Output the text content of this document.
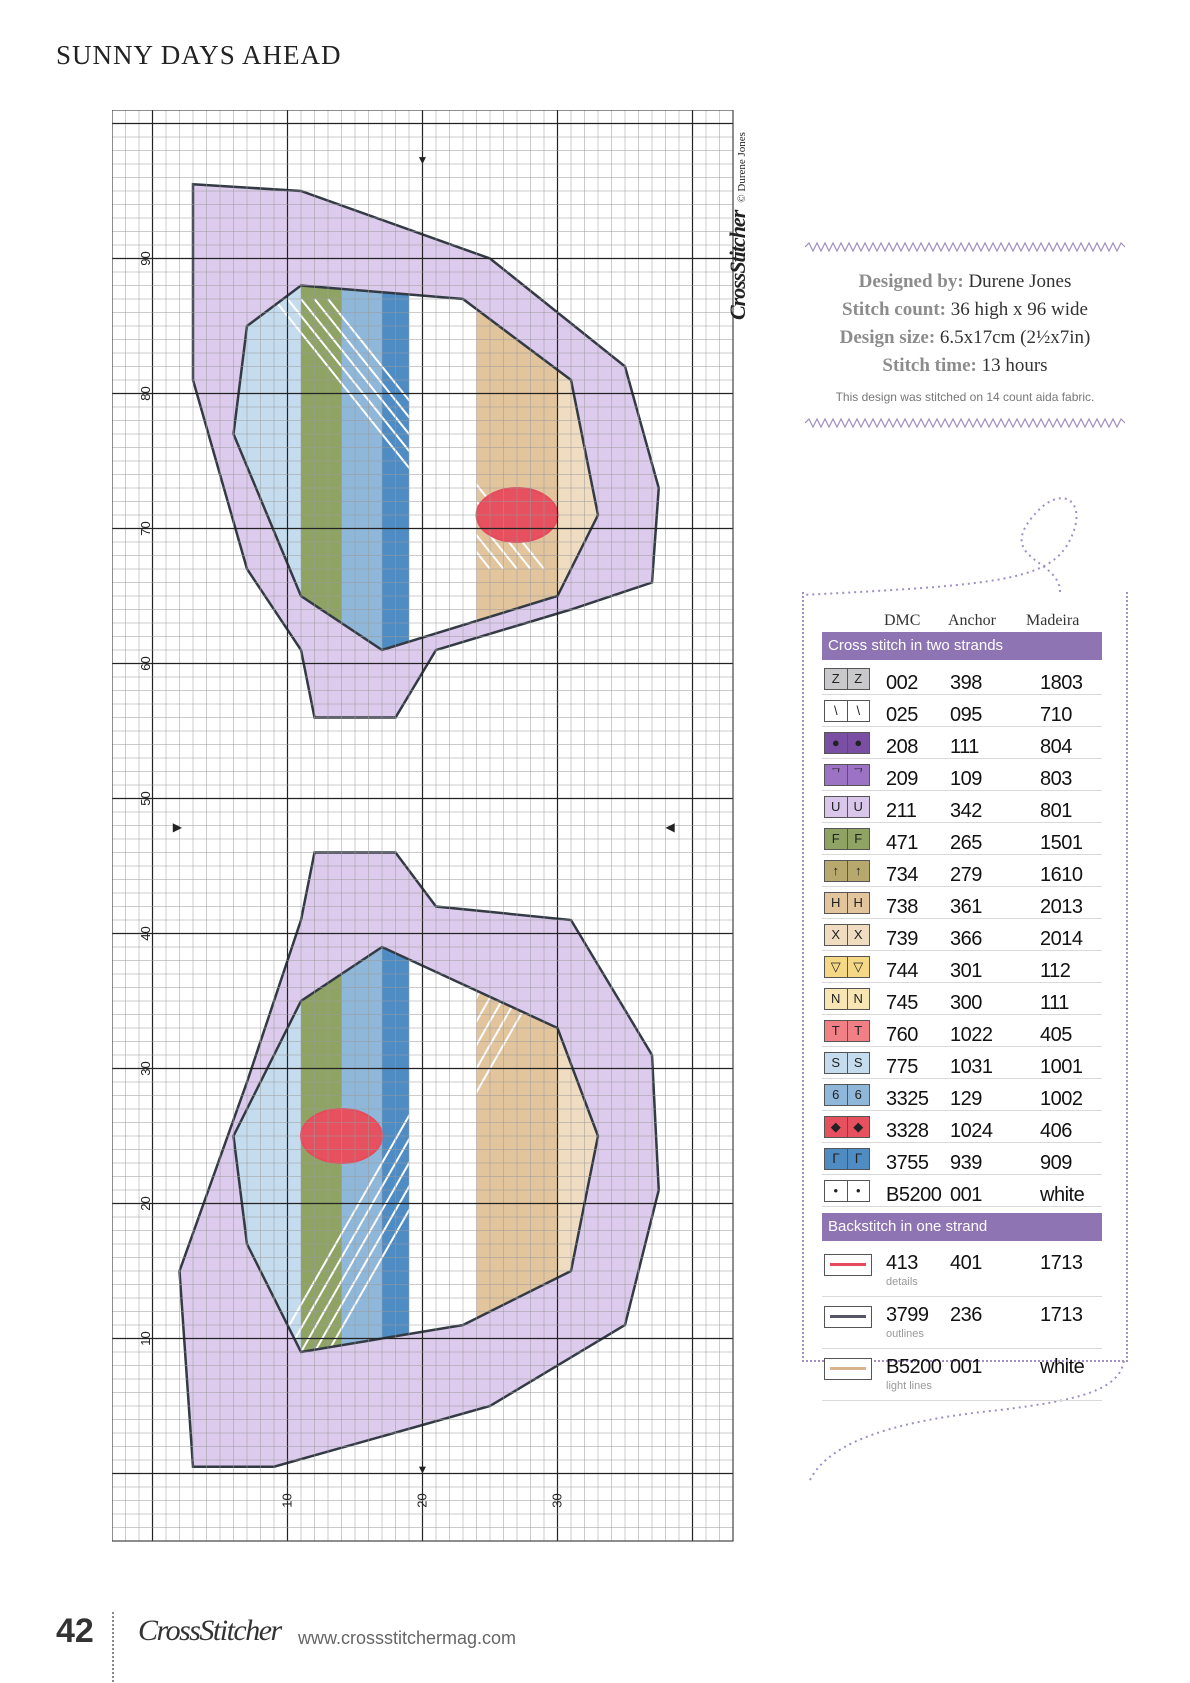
SUNNY DAYS AHEAD
▼
▼
▶	◀
90
80
70
60
50
40
30
20
10
10	20	30
CrossStitcher © Durene Jones
Designed by: Durene Jones
Stitch count: 36 high x 96 wide
Design size: 6.5x17cm (2½x7in)
Stitch time: 13 hours
This design was stitched on 14 count aida fabric.
DMC Anchor Madeira
Cross stitch in two strands
Z	Z	002 398	1803
\	\	025 095	710
●	●	208 111	804
ᄀ ᄀ 209 109	803
U	U	211 342	801
F	F	471 265	1501
↑	↑	734 279	1610
H	H	738 361	2013
X	X	739 366	2014
▽ ▽ 744 301	112
N	N	745 300	111
T	T	760 1022 405
S	S	775 1031 1001
6	6	3325 129	1002
◆ ◆ 3328 1024 406
ᒥ	ᒥ	3755 939	909
•	•	B5200 001	white
Backstitch in one strand
413 401	1713
details
3799 236	1713
outlines
B5200 001	white
light lines
42 CrossStitcher www.crossstitchermag.com
